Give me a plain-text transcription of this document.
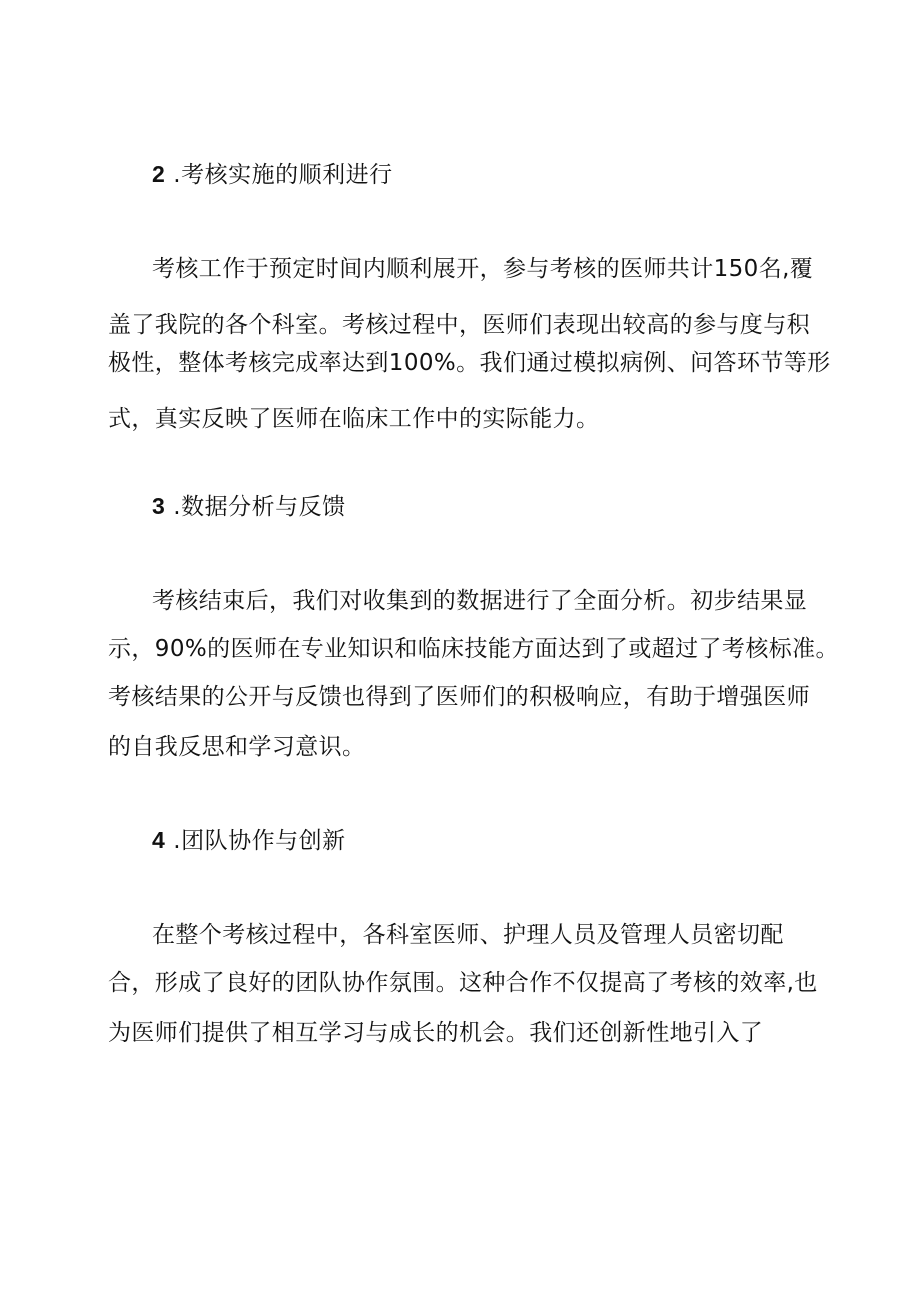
2 .考核实施的顺利进行
考核工作于预定时间内顺利展开，参与考核的医师共计150名,覆
盖了我院的各个科室。考核过程中，医师们表现出较高的参与度与积
极性，整体考核完成率达到100%。我们通过模拟病例、问答环节等形
式，真实反映了医师在临床工作中的实际能力。
3 .数据分析与反馈
考核结束后，我们对收集到的数据进行了全面分析。初步结果显
示，90%的医师在专业知识和临床技能方面达到了或超过了考核标准。
考核结果的公开与反馈也得到了医师们的积极响应，有助于增强医师
的自我反思和学习意识。
4 .团队协作与创新
在整个考核过程中，各科室医师、护理人员及管理人员密切配
合，形成了良好的团队协作氛围。这种合作不仅提高了考核的效率,也
为医师们提供了相互学习与成长的机会。我们还创新性地引入了
